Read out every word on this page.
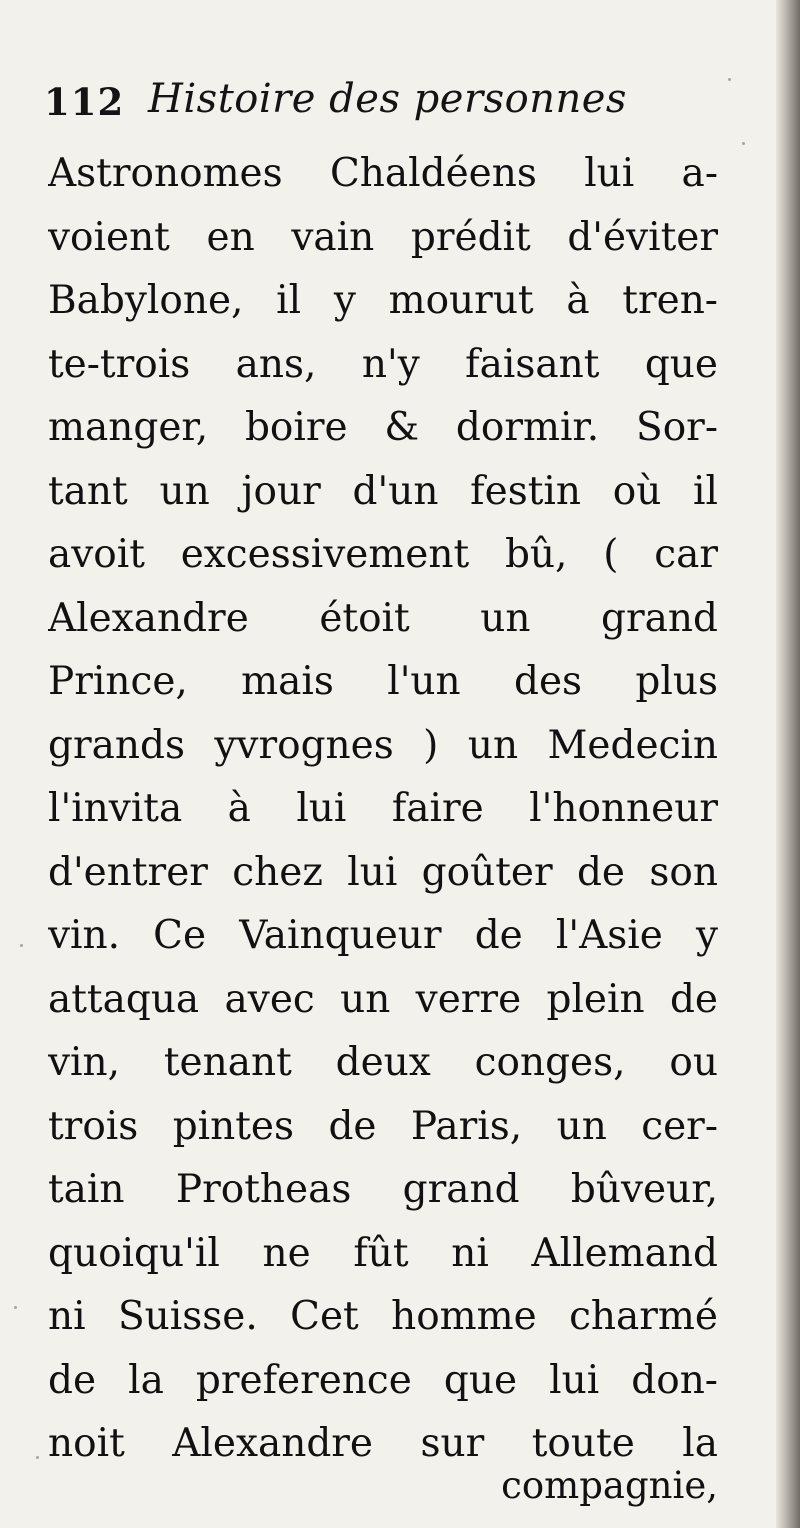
112 Histoire des personnes
Astronomes Chaldéens lui a-
voient en vain prédit d'éviter
Babylone, il y mourut à tren-
te-trois ans, n'y faisant que
manger, boire & dormir. Sor-
tant un jour d'un festin où il
avoit excessivement bû, ( car
Alexandre étoit un grand
Prince, mais l'un des plus
grands yvrognes ) un Medecin
l'invita à lui faire l'honneur
d'entrer chez lui goûter de son
vin. Ce Vainqueur de l'Asie y
attaqua avec un verre plein de
vin, tenant deux conges, ou
trois pintes de Paris, un cer-
tain Protheas grand bûveur,
quoiqu'il ne fût ni Allemand
ni Suisse. Cet homme charmé
de la preference que lui don-
noit Alexandre sur toute la
compagnie,
